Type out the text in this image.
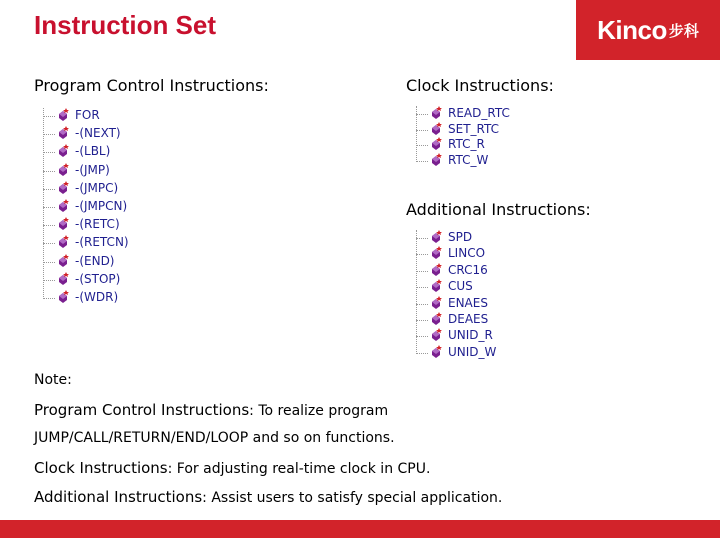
Instruction Set	Kinco 步科
Program Control Instructions:	Clock Instructions:
Additional Instructions:
FOR
-(NEXT)
-(LBL)
-(JMP)
-(JMPC)
-(JMPCN)
-(RETC)
-(RETCN)
-(END)
-(STOP)
-(WDR)
READ_RTC
SET_RTC
RTC_R
RTC_W
SPD
LINCO
CRC16
CUS
ENAES
DEAES
UNID_R
UNID_W
Note:
Program Control Instructions: To realize program
JUMP/CALL/RETURN/END/LOOP and so on functions.
Clock Instructions: For adjusting real-time clock in CPU.
Additional Instructions: Assist users to satisfy special application.
